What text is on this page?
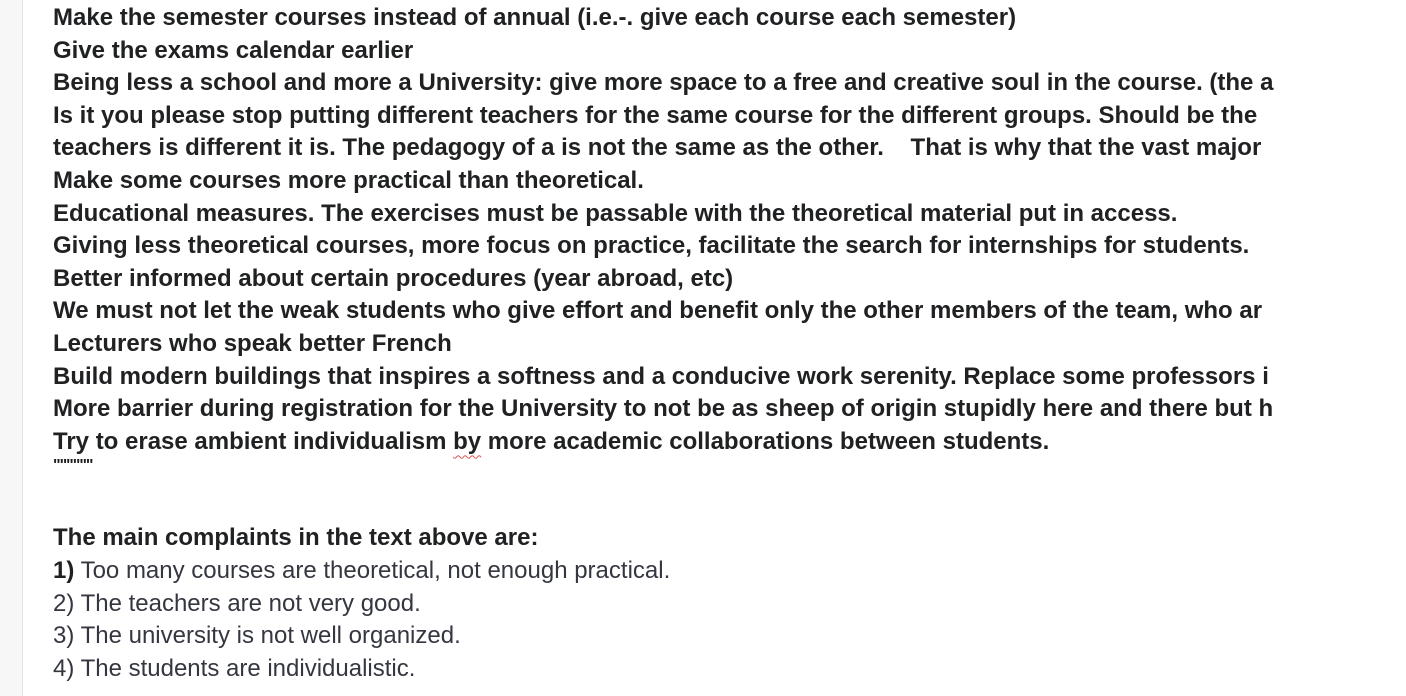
Make the semester courses instead of annual (i.e.-. give each course each semester)
Give the exams calendar earlier
Being less a school and more a University: give more space to a free and creative soul in the course. (the a
Is it you please stop putting different teachers for the same course for the different groups. Should be the
teachers is different it is. The pedagogy of a is not the same as the other.    That is why that the vast major
Make some courses more practical than theoretical.
Educational measures. The exercises must be passable with the theoretical material put in access.
Giving less theoretical courses, more focus on practice, facilitate the search for internships for students.
Better informed about certain procedures (year abroad, etc)
We must not let the weak students who give effort and benefit only the other members of the team, who ar
Lecturers who speak better French
Build modern buildings that inspires a softness and a conducive work serenity. Replace some professors i
More barrier during registration for the University to not be as sheep of origin stupidly here and there but h
Try to erase ambient individualism by more academic collaborations between students.
""""""
The main complaints in the text above are:
1) Too many courses are theoretical, not enough practical.
2) The teachers are not very good.
3) The university is not well organized.
4) The students are individualistic.
